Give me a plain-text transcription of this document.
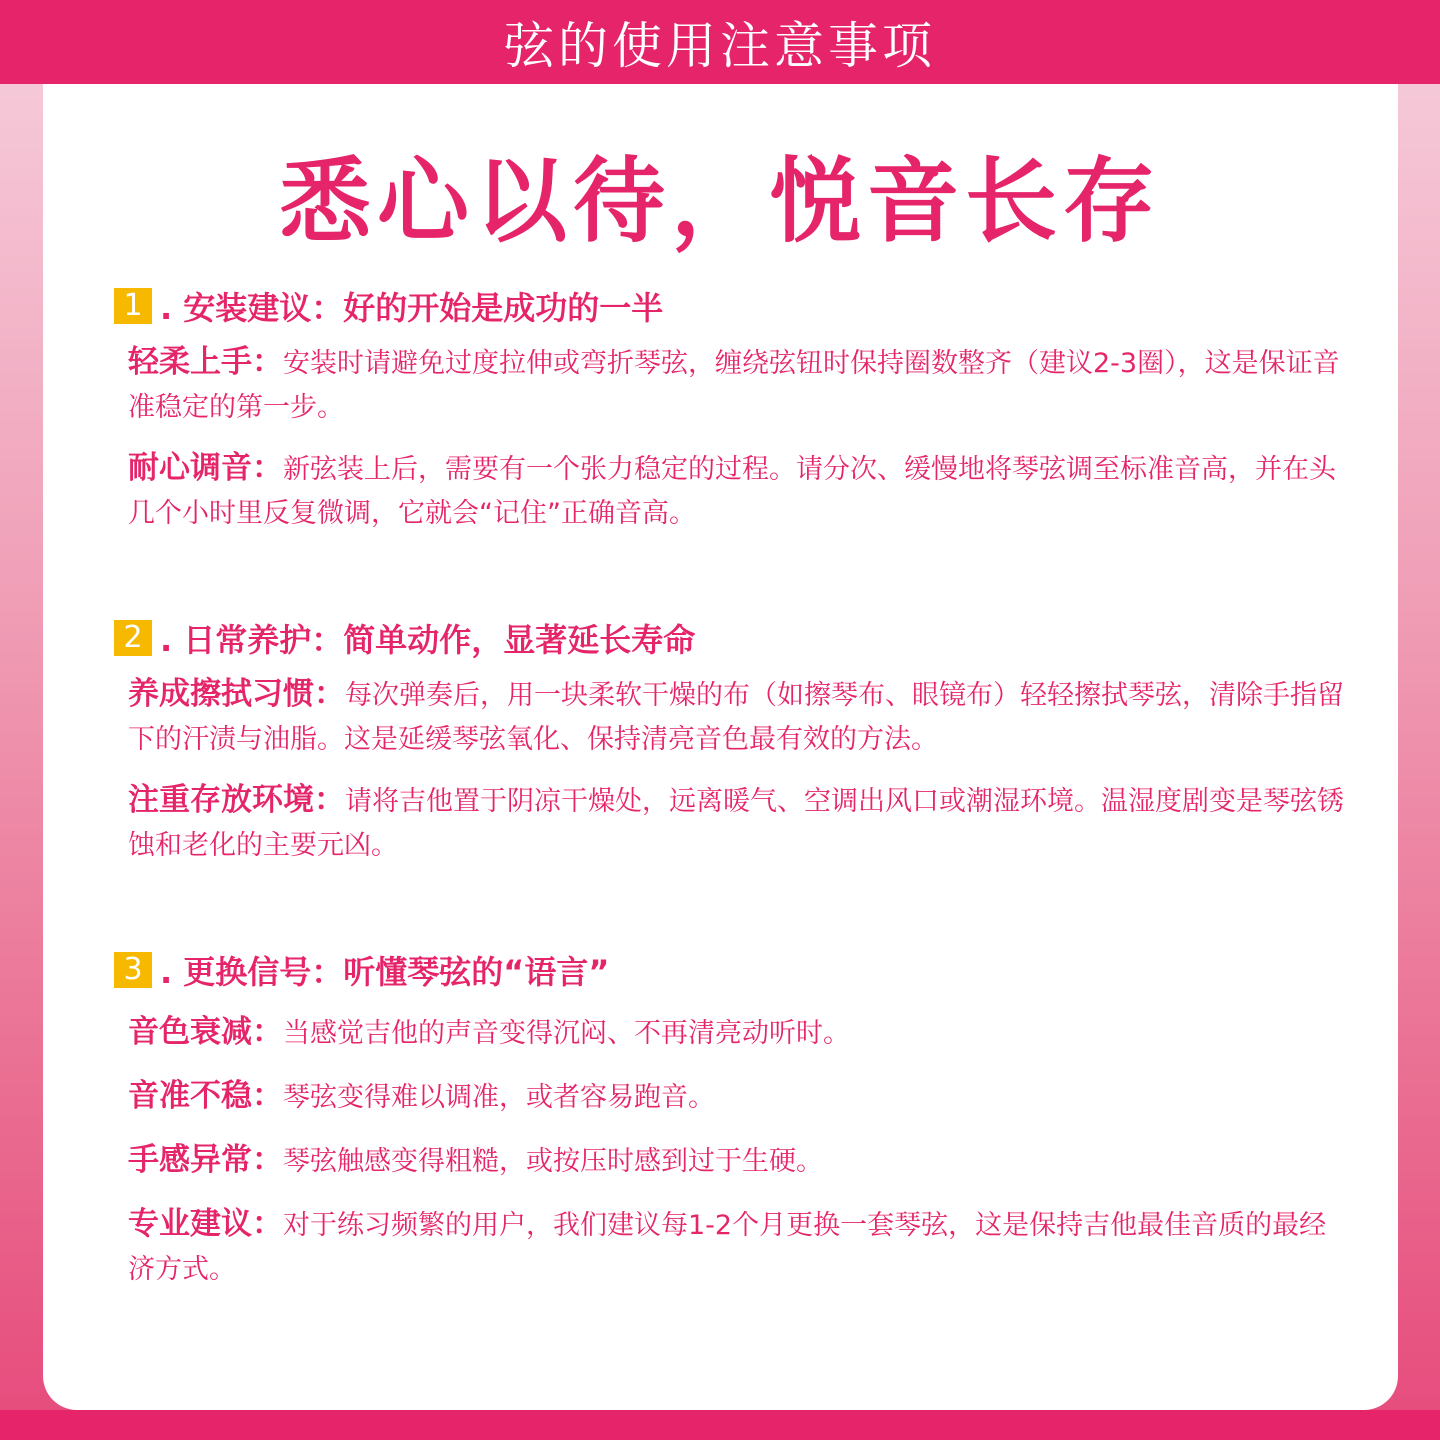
弦的使用注意事项
悉心以待，悦音长存
1 . 安装建议：好的开始是成功的一半
轻柔上手：安装时请避免过度拉伸或弯折琴弦，缠绕弦钮时保持圈数整齐（建议2-3圈），这是保证音准稳定的第一步。
耐心调音：新弦装上后，需要有一个张力稳定的过程。请分次、缓慢地将琴弦调至标准音高，并在头几个小时里反复微调，它就会“记住”正确音高。
2 . 日常养护：简单动作，显著延长寿命
养成擦拭习惯：每次弹奏后，用一块柔软干燥的布（如擦琴布、眼镜布）轻轻擦拭琴弦，清除手指留下的汗渍与油脂。这是延缓琴弦氧化、保持清亮音色最有效的方法。
注重存放环境：请将吉他置于阴凉干燥处，远离暖气、空调出风口或潮湿环境。温湿度剧变是琴弦锈蚀和老化的主要元凶。
3 . 更换信号：听懂琴弦的“语言”
音色衰减：当感觉吉他的声音变得沉闷、不再清亮动听时。
音准不稳：琴弦变得难以调准，或者容易跑音。
手感异常：琴弦触感变得粗糙，或按压时感到过于生硬。
专业建议：对于练习频繁的用户，我们建议每1-2个月更换一套琴弦，这是保持吉他最佳音质的最经济方式。
